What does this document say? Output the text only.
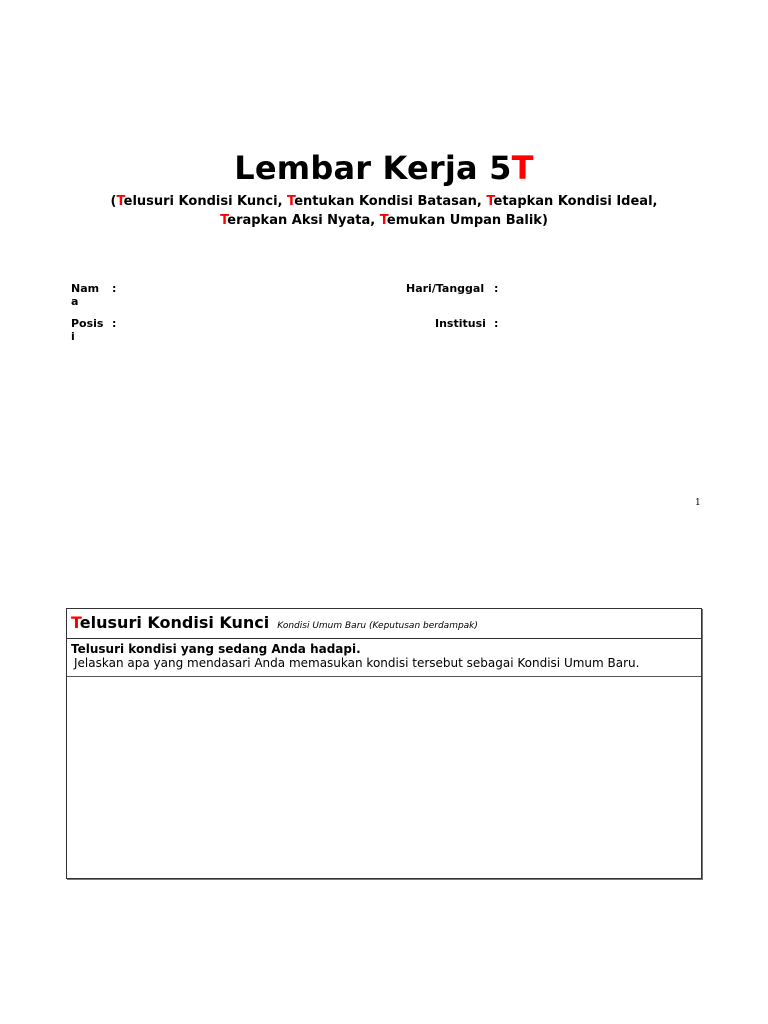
Lembar Kerja 5T
(Telusuri Kondisi Kunci, Tentukan Kondisi Batasan, Tetapkan Kondisi Ideal,
Terapkan Aksi Nyata, Temukan Umpan Balik)
Nama
:
Posisi
:
Hari/Tanggal :
Institusi :
1
Telusuri Kondisi Kunci Kondisi Umum Baru (Keputusan berdampak)
Telusuri kondisi yang sedang Anda hadapi.
Jelaskan apa yang mendasari Anda memasukan kondisi tersebut sebagai Kondisi Umum Baru.
